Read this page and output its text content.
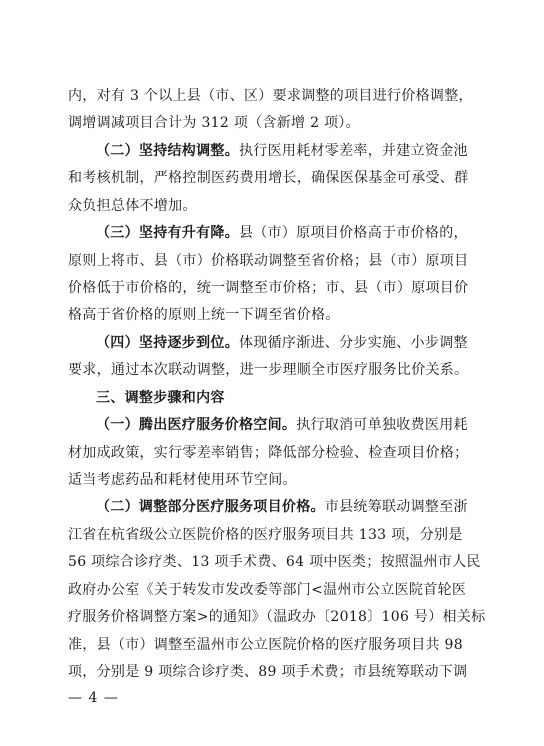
内，对有 3 个以上县（市、区）要求调整的项目进行价格调整，
调增调减项目合计为 312 项（含新增 2 项）。
（二）坚持结构调整。执行医用耗材零差率，并建立资金池
和考核机制，严格控制医药费用增长，确保医保基金可承受、群
众负担总体不增加。
（三）坚持有升有降。县（市）原项目价格高于市价格的，
原则上将市、县（市）价格联动调整至省价格；县（市）原项目
价格低于市价格的，统一调整至市价格；市、县（市）原项目价
格高于省价格的原则上统一下调至省价格。
（四）坚持逐步到位。体现循序渐进、分步实施、小步调整
要求，通过本次联动调整，进一步理顺全市医疗服务比价关系。
三、调整步骤和内容
（一）腾出医疗服务价格空间。执行取消可单独收费医用耗
材加成政策，实行零差率销售；降低部分检验、检查项目价格；
适当考虑药品和耗材使用环节空间。
（二）调整部分医疗服务项目价格。市县统筹联动调整至浙
江省在杭省级公立医院价格的医疗服务项目共 133 项，分别是
56 项综合诊疗类、13 项手术费、64 项中医类；按照温州市人民
政府办公室《关于转发市发改委等部门<温州市公立医院首轮医
疗服务价格调整方案>的通知》（温政办〔2018〕106 号）相关标
准，县（市）调整至温州市公立医院价格的医疗服务项目共 98
项，分别是 9 项综合诊疗类、89 项手术费；市县统筹联动下调
— 4 —
